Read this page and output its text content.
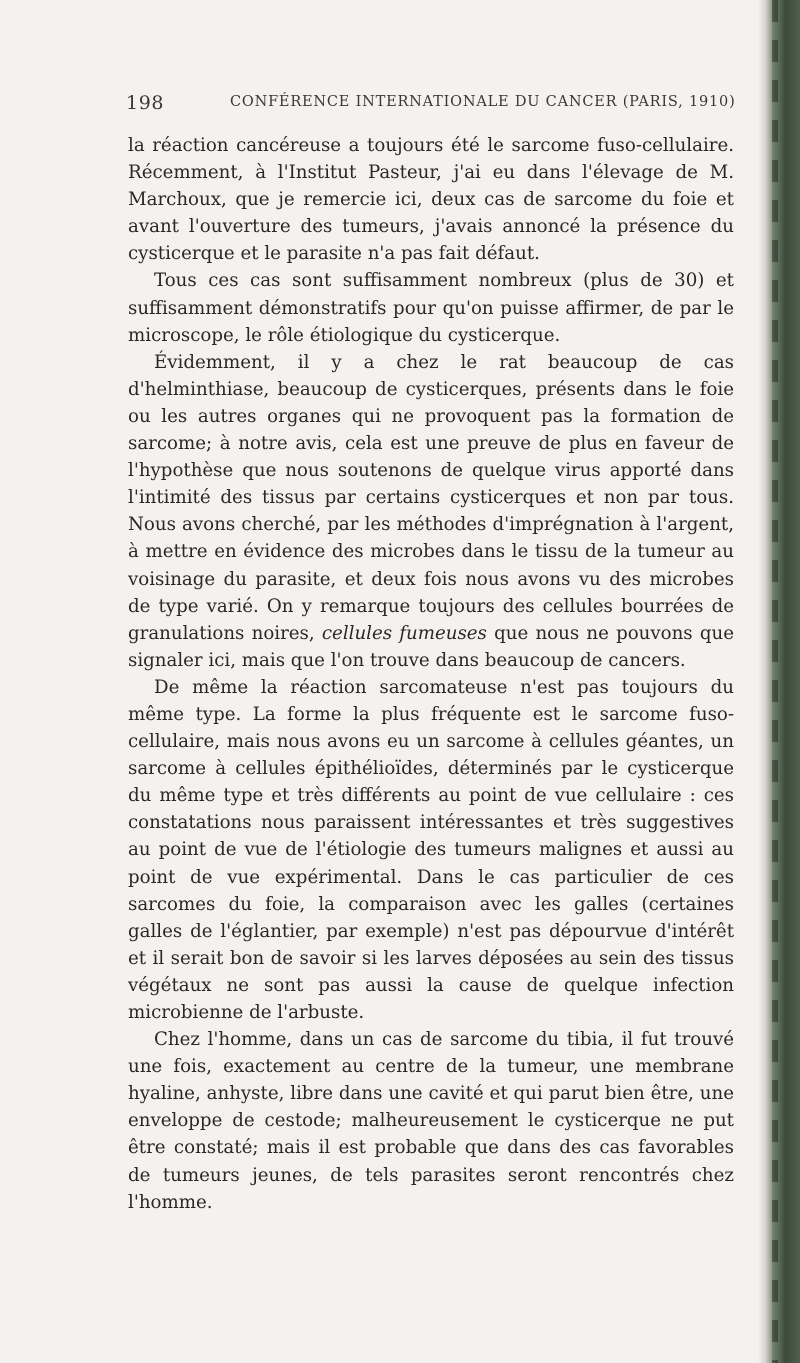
198	CONFÉRENCE INTERNATIONALE DU CANCER (PARIS, 1910)

la réaction cancéreuse a toujours été le sarcome fuso-cellulaire. Récemment, à l'Institut Pasteur, j'ai eu dans l'élevage de M. Marchoux, que je remercie ici, deux cas de sarcome du foie et avant l'ouverture des tumeurs, j'avais annoncé la présence du cysticerque et le parasite n'a pas fait défaut.

Tous ces cas sont suffisamment nombreux (plus de 30) et suffisamment démonstratifs pour qu'on puisse affirmer, de par le microscope, le rôle étiologique du cysticerque.

Évidemment, il y a chez le rat beaucoup de cas d'helminthiase, beaucoup de cysticerques, présents dans le foie ou les autres organes qui ne provoquent pas la formation de sarcome; à notre avis, cela est une preuve de plus en faveur de l'hypothèse que nous soutenons de quelque virus apporté dans l'intimité des tissus par certains cysticerques et non par tous. Nous avons cherché, par les méthodes d'imprégnation à l'argent, à mettre en évidence des microbes dans le tissu de la tumeur au voisinage du parasite, et deux fois nous avons vu des microbes de type varié. On y remarque toujours des cellules bourrées de granulations noires, cellules fumeuses que nous ne pouvons que signaler ici, mais que l'on trouve dans beaucoup de cancers.

De même la réaction sarcomateuse n'est pas toujours du même type. La forme la plus fréquente est le sarcome fuso-cellulaire, mais nous avons eu un sarcome à cellules géantes, un sarcome à cellules épithélioïdes, déterminés par le cysticerque du même type et très différents au point de vue cellulaire : ces constatations nous paraissent intéressantes et très suggestives au point de vue de l'étiologie des tumeurs malignes et aussi au point de vue expérimental. Dans le cas particulier de ces sarcomes du foie, la comparaison avec les galles (certaines galles de l'églantier, par exemple) n'est pas dépourvue d'intérêt et il serait bon de savoir si les larves déposées au sein des tissus végétaux ne sont pas aussi la cause de quelque infection microbienne de l'arbuste.

Chez l'homme, dans un cas de sarcome du tibia, il fut trouvé une fois, exactement au centre de la tumeur, une membrane hyaline, anhyste, libre dans une cavité et qui parut bien être, une enveloppe de cestode; malheureusement le cysticerque ne put être constaté; mais il est probable que dans des cas favorables de tumeurs jeunes, de tels parasites seront rencontrés chez l'homme.
